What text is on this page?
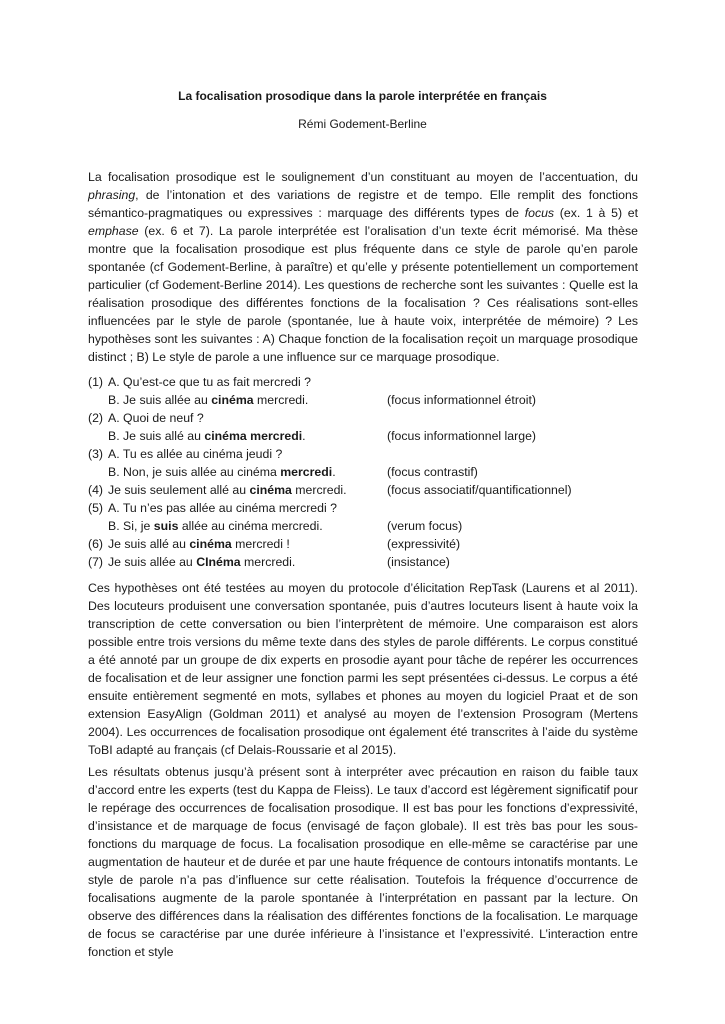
La focalisation prosodique dans la parole interprétée en français
Rémi Godement-Berline

La focalisation prosodique est le soulignement d’un constituant au moyen de l’accentuation, du phrasing, de l’intonation et des variations de registre et de tempo. Elle remplit des fonctions sémantico-pragmatiques ou expressives : marquage des différents types de focus (ex. 1 à 5) et emphase (ex. 6 et 7). La parole interprétée est l’oralisation d’un texte écrit mémorisé. Ma thèse montre que la focalisation prosodique est plus fréquente dans ce style de parole qu’en parole spontanée (cf Godement-Berline, à paraître) et qu’elle y présente potentiellement un comportement particulier (cf Godement-Berline 2014). Les questions de recherche sont les suivantes : Quelle est la réalisation prosodique des différentes fonctions de la focalisation ? Ces réalisations sont-elles influencées par le style de parole (spontanée, lue à haute voix, interprétée de mémoire) ? Les hypothèses sont les suivantes : A) Chaque fonction de la focalisation reçoit un marquage prosodique distinct ; B) Le style de parole a une influence sur ce marquage prosodique.

(1) A. Qu’est-ce que tu as fait mercredi ?
B. Je suis allée au cinéma mercredi.	(focus informationnel étroit)
(2) A. Quoi de neuf ?
B. Je suis allé au cinéma mercredi.	(focus informationnel large)
(3) A. Tu es allée au cinéma jeudi ?
B. Non, je suis allée au cinéma mercredi.	(focus contrastif)
(4) Je suis seulement allé au cinéma mercredi.	(focus associatif/quantificationnel)
(5) A. Tu n’es pas allée au cinéma mercredi ?
B. Si, je suis allée au cinéma mercredi.	(verum focus)
(6) Je suis allé au cinéma mercredi !	(expressivité)
(7) Je suis allée au CInéma mercredi.	(insistance)

Ces hypothèses ont été testées au moyen du protocole d’élicitation RepTask (Laurens et al 2011). Des locuteurs produisent une conversation spontanée, puis d’autres locuteurs lisent à haute voix la transcription de cette conversation ou bien l’interprètent de mémoire. Une comparaison est alors possible entre trois versions du même texte dans des styles de parole différents. Le corpus constitué a été annoté par un groupe de dix experts en prosodie ayant pour tâche de repérer les occurrences de focalisation et de leur assigner une fonction parmi les sept présentées ci-dessus. Le corpus a été ensuite entièrement segmenté en mots, syllabes et phones au moyen du logiciel Praat et de son extension EasyAlign (Goldman 2011) et analysé au moyen de l’extension Prosogram (Mertens 2004). Les occurrences de focalisation prosodique ont également été transcrites à l’aide du système ToBI adapté au français (cf Delais-Roussarie et al 2015).

Les résultats obtenus jusqu’à présent sont à interpréter avec précaution en raison du faible taux d’accord entre les experts (test du Kappa de Fleiss). Le taux d’accord est légèrement significatif pour le repérage des occurrences de focalisation prosodique. Il est bas pour les fonctions d’expressivité, d’insistance et de marquage de focus (envisagé de façon globale). Il est très bas pour les sous-fonctions du marquage de focus. La focalisation prosodique en elle-même se caractérise par une augmentation de hauteur et de durée et par une haute fréquence de contours intonatifs montants. Le style de parole n’a pas d’influence sur cette réalisation. Toutefois la fréquence d’occurrence de focalisations augmente de la parole spontanée à l’interprétation en passant par la lecture. On observe des différences dans la réalisation des différentes fonctions de la focalisation. Le marquage de focus se caractérise par une durée inférieure à l’insistance et l’expressivité. L’interaction entre fonction et style
